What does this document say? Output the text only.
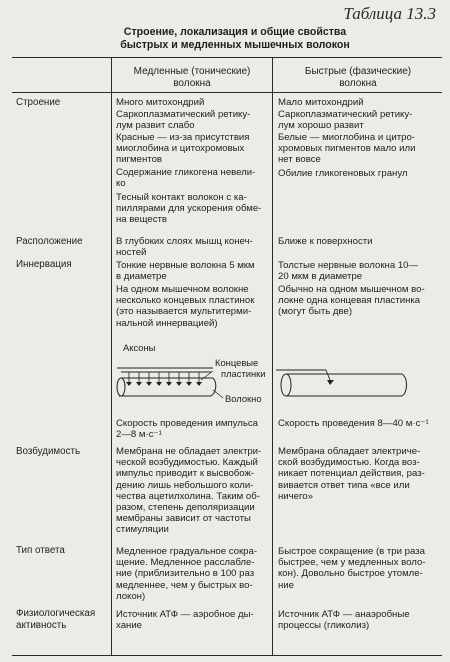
Таблица 13.3
Строение, локализация и общие свойства
быстрых и медленных мышечных волокон
Медленные (тонические)
волокна
Быстрые (фазические)
волокна
Строение
Расположение
Иннервация
Возбудимость
Тип ответа
Физиологическая
активность
Много митохондрий
Саркоплазматический ретику-
лум развит слабо
Красные — из-за присутствия
миоглобина и цитохромовых
пигментов
Содержание гликогена невели-
ко
Тесный контакт волокон с ка-
пиллярами для ускорения обме-
на веществ
Мало митохондрий
Саркоплазматический ретику-
лум хорошо развит
Белые — миоглобина и цитро-
хромовых пигментов мало или
нет вовсе
Обилие гликогеновых гранул
В глубоких слоях мышц конеч-
ностей
Ближе к поверхности
Тонкие нервные волокна 5 мкм
в диаметре
На одном мышечном волокне
несколько концевых пластинок
(это называется мультитерми-
нальной иннервацией)
Толстые нервные волокна 10—
20 мкм в диаметре
Обычно на одном мышечном во-
локне одна концевая пластинка
(могут быть две)
Аксоны
Концевые пластинки
Волокно
Скорость проведения импульса
2—8 м·с⁻¹
Скорость проведения 8—40 м·с⁻¹
Мембрана не обладает электри-
ческой возбудимостью. Каждый
импульс приводит к высвобож-
дению лишь небольшого коли-
чества ацетилхолина. Таким об-
разом, степень деполяризации
мембраны зависит от частоты
стимуляции
Мембрана обладает электриче-
ской возбудимостью. Когда воз-
никает потенциал действия, раз-
вивается ответ типа «все или
ничего»
Медленное градуальное сокра-
щение. Медленное расслабле-
ние (приблизительно в 100 раз
медленнее, чем у быстрых во-
локон)
Быстрое сокращение (в три раза
быстрее, чем у медленных воло-
кон). Довольно быстрое утомле-
ние
Источник АТФ — аэробное ды-
хание
Источник АТФ — анаэробные
процессы (гликолиз)
